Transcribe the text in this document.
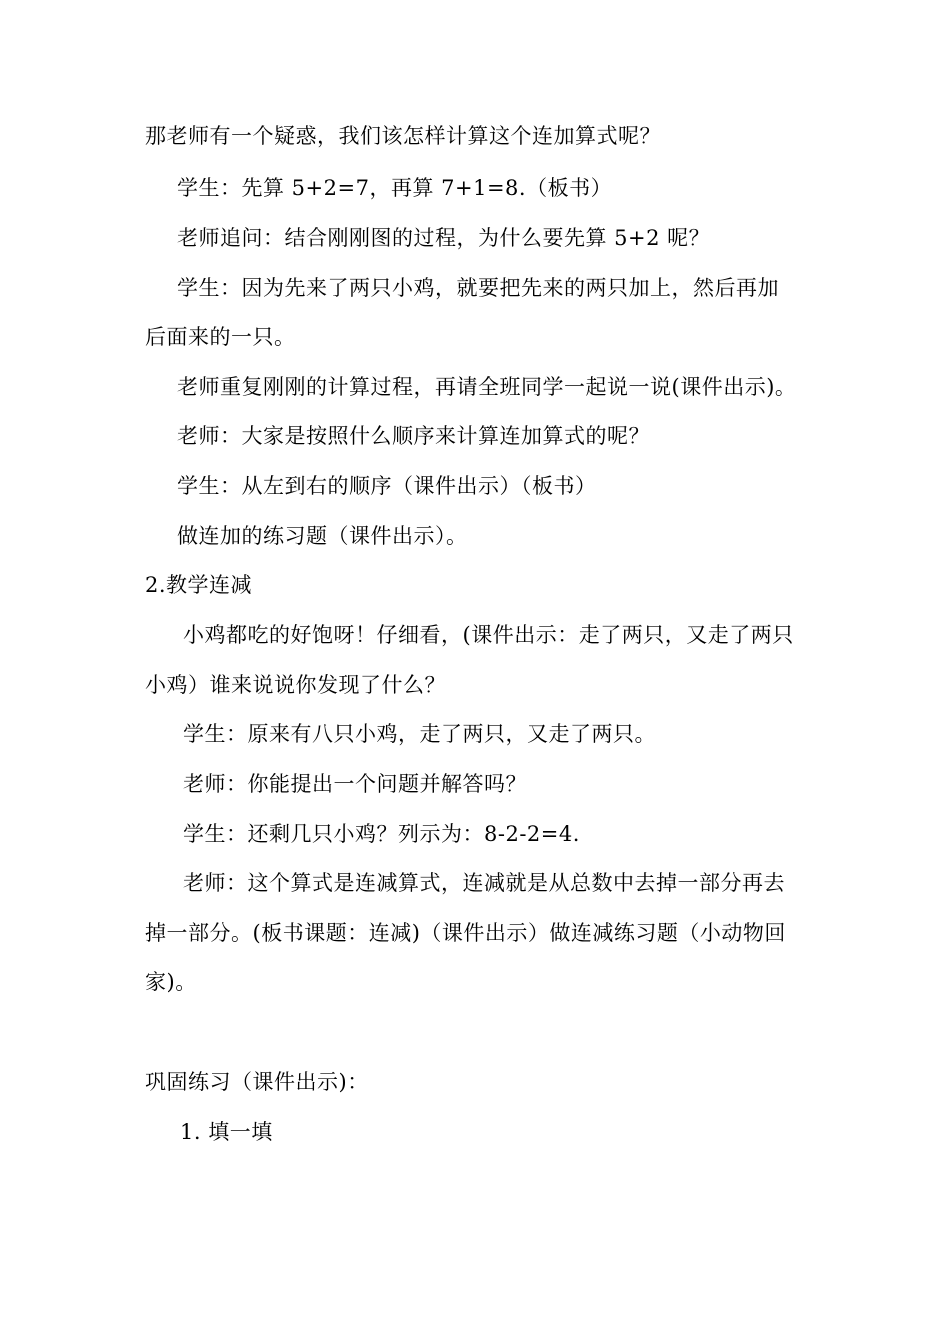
那老师有一个疑惑，我们该怎样计算这个连加算式呢？
学生：先算 5+2=7，再算 7+1=8.（板书）
老师追问：结合刚刚图的过程，为什么要先算 5+2 呢？
学生：因为先来了两只小鸡，就要把先来的两只加上，然后再加
后面来的一只。
老师重复刚刚的计算过程，再请全班同学一起说一说(课件出示)。
老师：大家是按照什么顺序来计算连加算式的呢？
学生：从左到右的顺序（课件出示）（板书）
做连加的练习题（课件出示）。
2.教学连减
小鸡都吃的好饱呀！仔细看，(课件出示：走了两只，又走了两只
小鸡）谁来说说你发现了什么？
学生：原来有八只小鸡，走了两只，又走了两只。
老师：你能提出一个问题并解答吗？
学生：还剩几只小鸡？列示为：8-2-2=4.
老师：这个算式是连减算式，连减就是从总数中去掉一部分再去
掉一部分。(板书课题：连减)（课件出示）做连减练习题（小动物回
家)。
巩固练习（课件出示)：
1. 填一填
